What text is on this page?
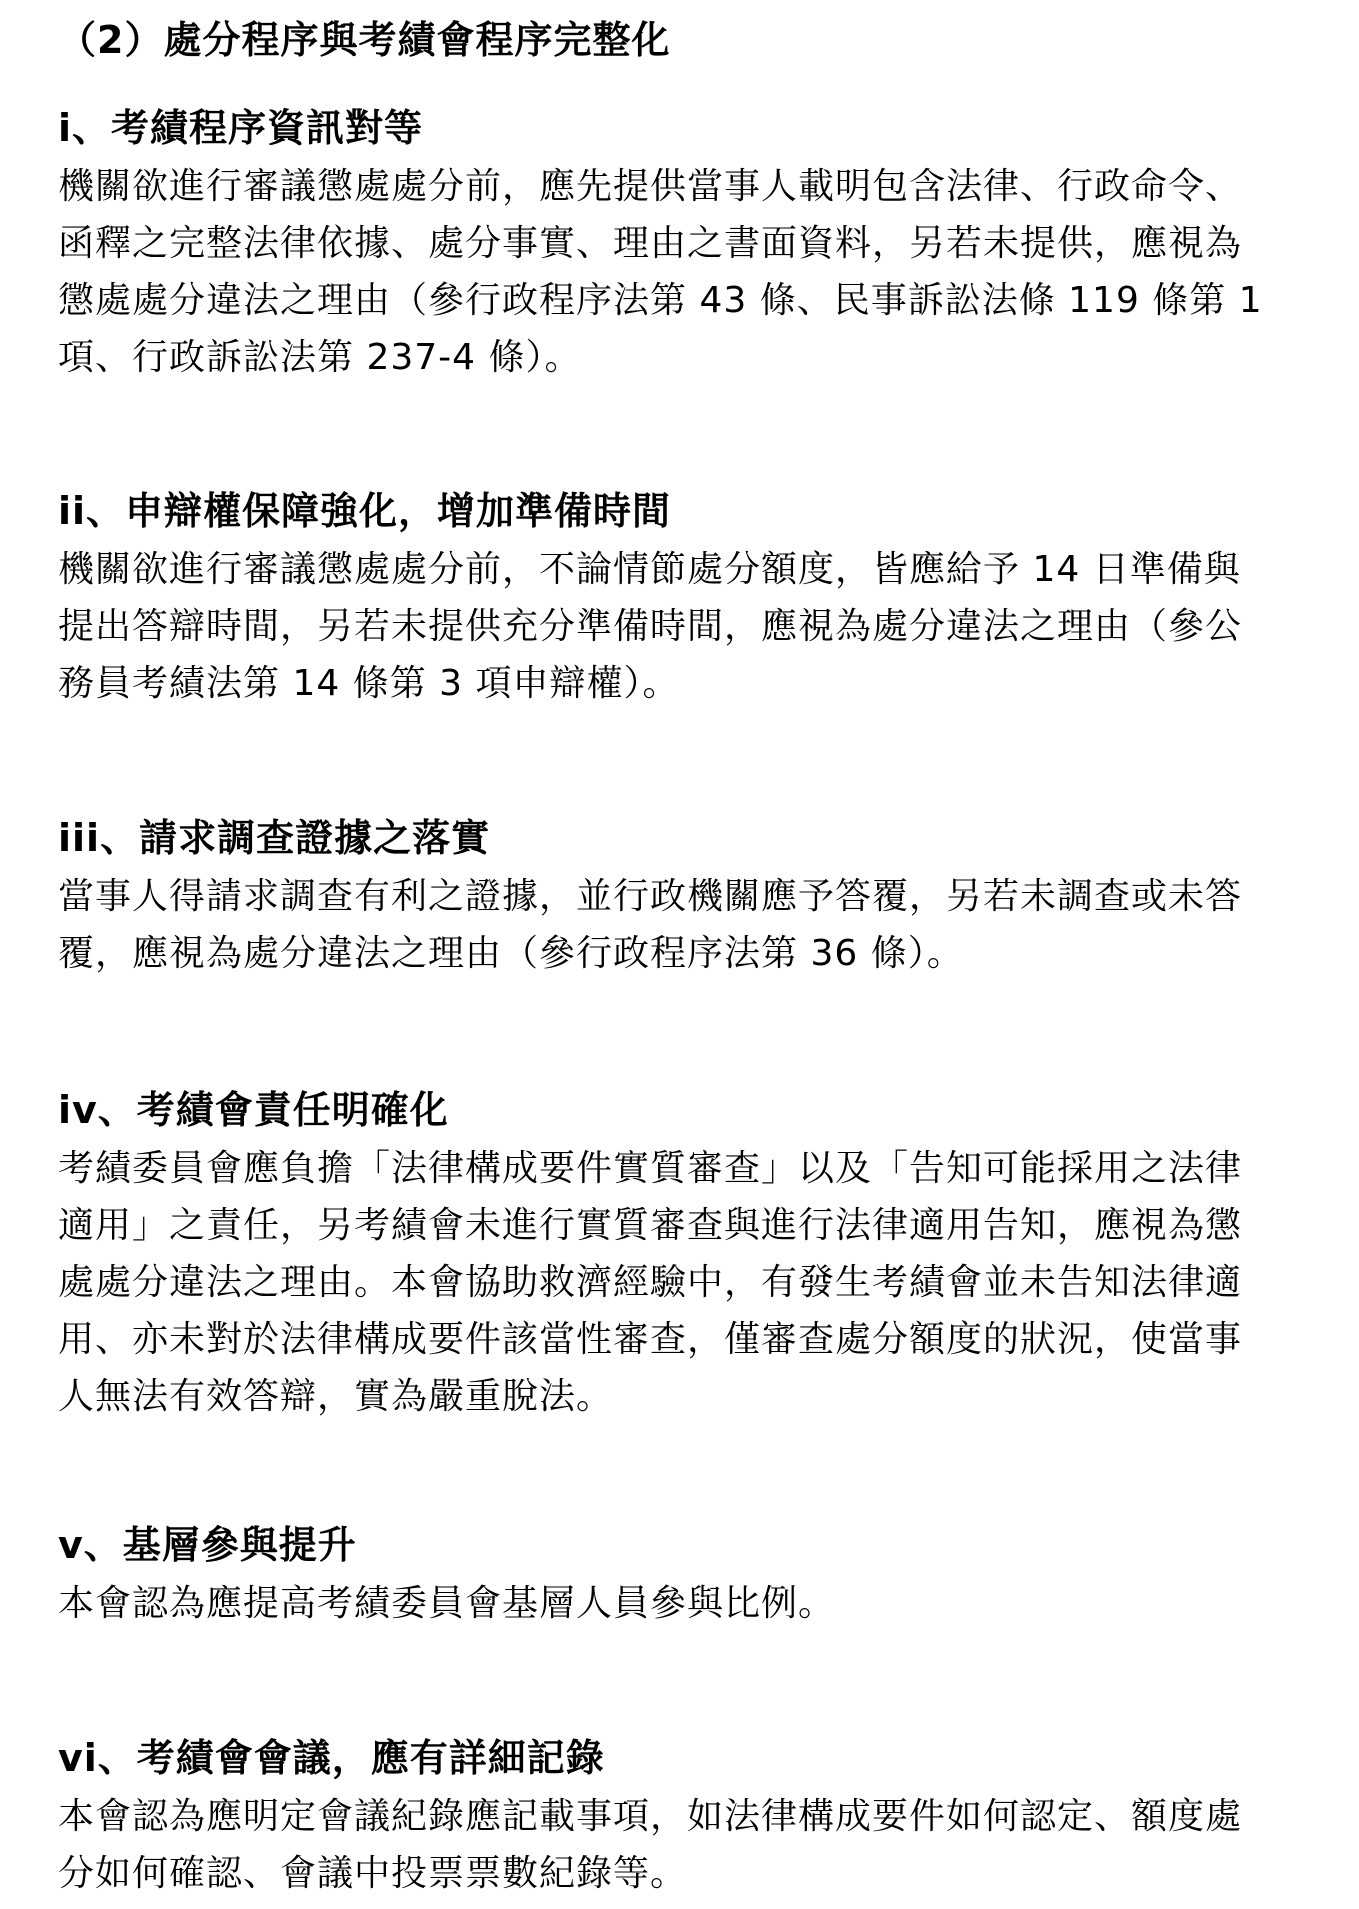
（2）處分程序與考績會程序完整化
i、考績程序資訊對等
機關欲進行審議懲處處分前，應先提供當事人載明包含法律、行政命令、
函釋之完整法律依據、處分事實、理由之書面資料，另若未提供，應視為
懲處處分違法之理由（參行政程序法第 43 條、民事訴訟法條 119 條第 1
項、行政訴訟法第 237-4 條）。
ii、申辯權保障強化，增加準備時間
機關欲進行審議懲處處分前，不論情節處分額度，皆應給予 14 日準備與
提出答辯時間，另若未提供充分準備時間，應視為處分違法之理由（參公
務員考績法第 14 條第 3 項申辯權）。
iii、請求調查證據之落實
當事人得請求調查有利之證據，並行政機關應予答覆，另若未調查或未答
覆，應視為處分違法之理由（參行政程序法第 36 條）。
iv、考績會責任明確化
考績委員會應負擔「法律構成要件實質審查」以及「告知可能採用之法律
適用」之責任，另考績會未進行實質審查與進行法律適用告知，應視為懲
處處分違法之理由。本會協助救濟經驗中，有發生考績會並未告知法律適
用、亦未對於法律構成要件該當性審查，僅審查處分額度的狀況，使當事
人無法有效答辯，實為嚴重脫法。
v、基層參與提升
本會認為應提高考績委員會基層人員參與比例。
vi、考績會會議，應有詳細記錄
本會認為應明定會議紀錄應記載事項，如法律構成要件如何認定、額度處
分如何確認、會議中投票票數紀錄等。
